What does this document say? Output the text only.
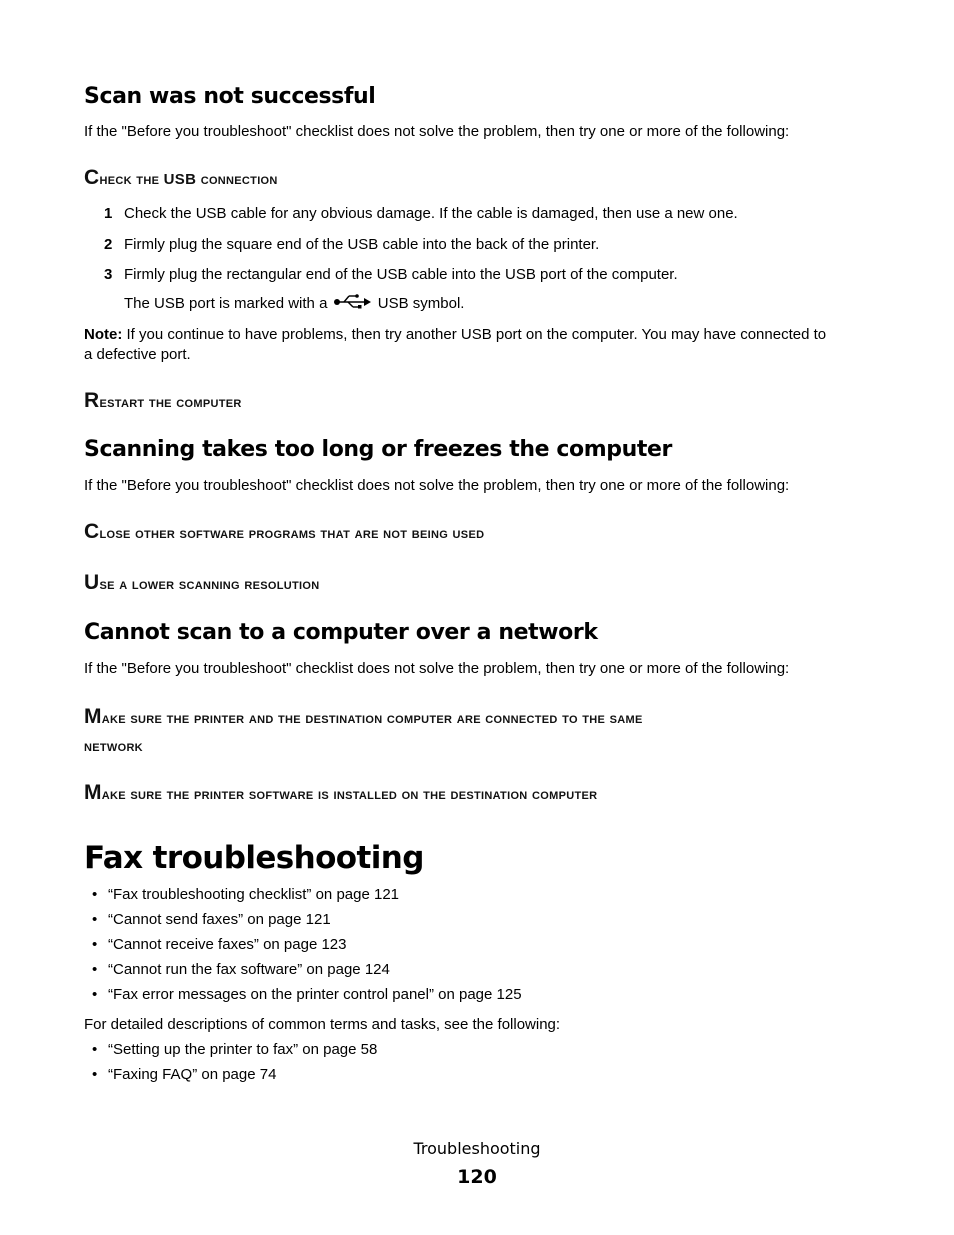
Scan was not successful

If the "Before you troubleshoot" checklist does not solve the problem, then try one or more of the following:

Check the USB connection
1 Check the USB cable for any obvious damage. If the cable is damaged, then use a new one.
2 Firmly plug the square end of the USB cable into the back of the printer.
3 Firmly plug the rectangular end of the USB cable into the USB port of the computer.
The USB port is marked with a	USB symbol.
Note: If you continue to have problems, then try another USB port on the computer. You may have connected to
a defective port.
Restart the computer
Scanning takes too long or freezes the computer

If the "Before you troubleshoot" checklist does not solve the problem, then try one or more of the following:

Close other software programs that are not being used
Use a lower scanning resolution
Cannot scan to a computer over a network

If the "Before you troubleshoot" checklist does not solve the problem, then try one or more of the following:

Make sure the printer and the destination computer are connected to the same
network
Make sure the printer software is installed on the destination computer
Fax troubleshooting
• “Fax troubleshooting checklist” on page 121
• “Cannot send faxes” on page 121
• “Cannot receive faxes” on page 123
• “Cannot run the fax software” on page 124
• “Fax error messages on the printer control panel” on page 125

For detailed descriptions of common terms and tasks, see the following:

• “Setting up the printer to fax” on page 58
• “Faxing FAQ” on page 74
Troubleshooting
120
